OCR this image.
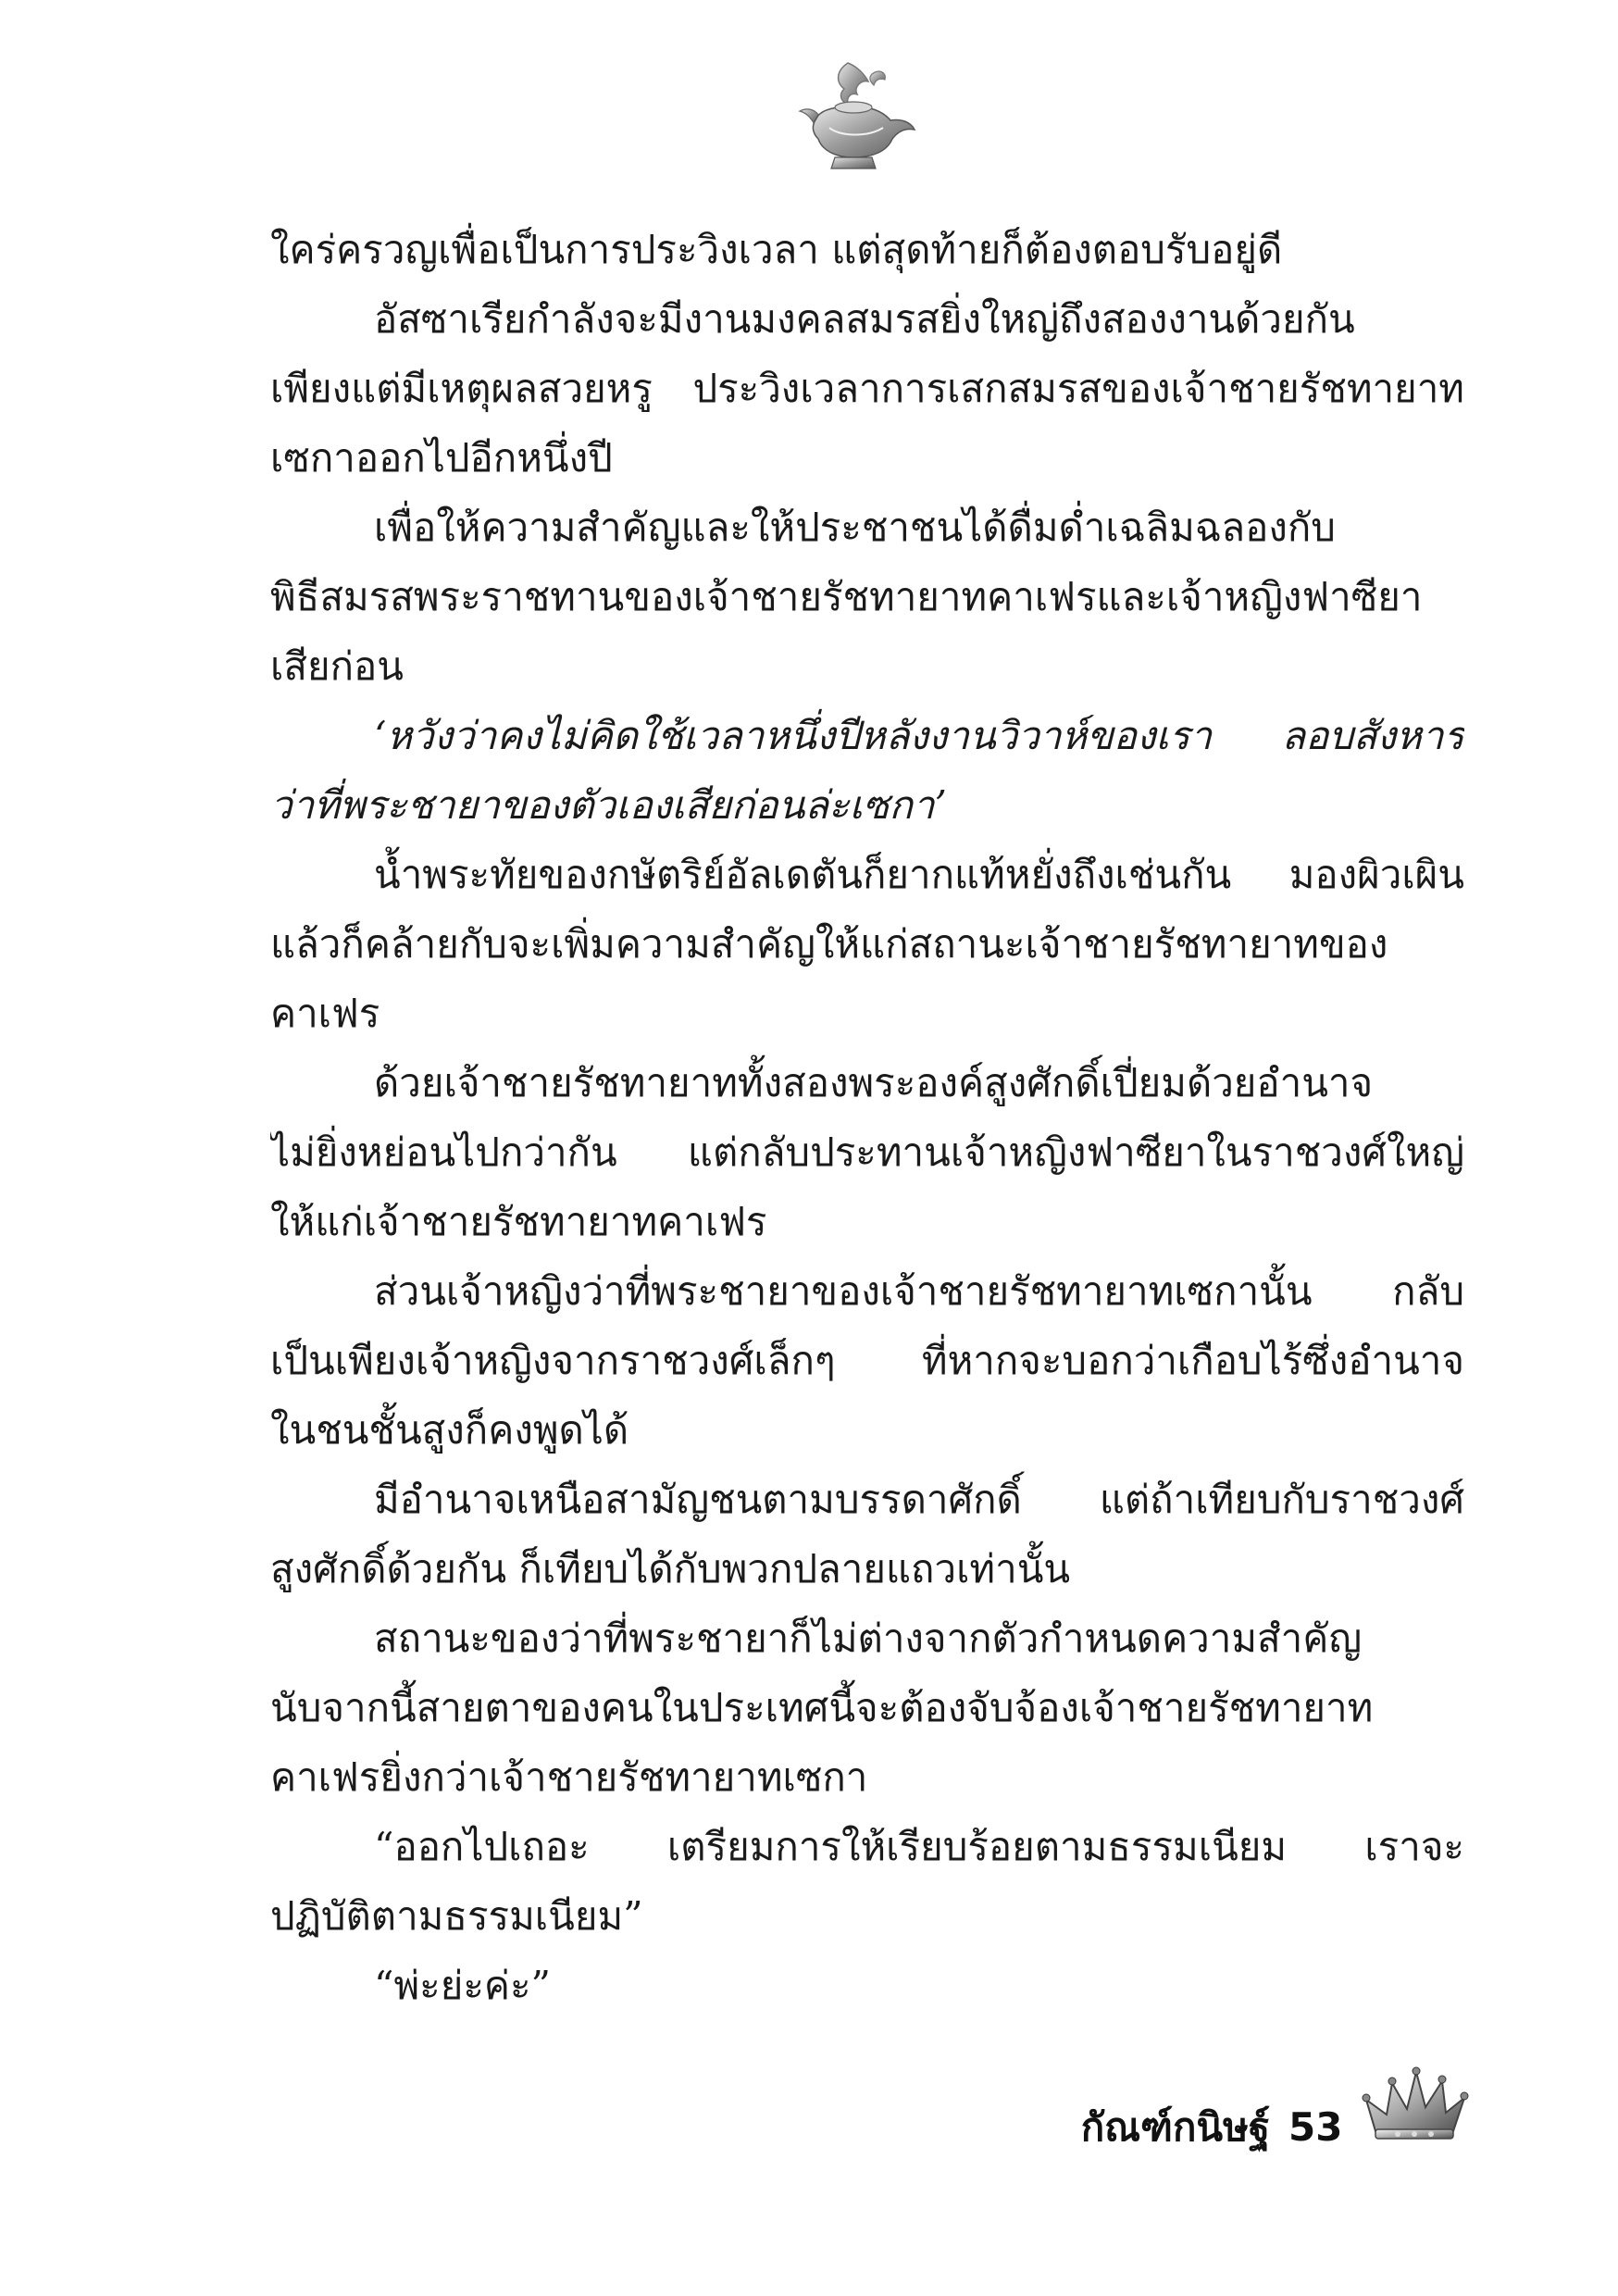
ใคร่ครวญเพื่อเป็นการประวิงเวลา แต่สุดท้ายก็ต้องตอบรับอยู่ดี
อัสซาเรียกำลังจะมีงานมงคลสมรสยิ่งใหญ่ถึงสองงานด้วยกัน
เพียงแต่มีเหตุผลสวยหรู ประวิงเวลาการเสกสมรสของเจ้าชายรัชทายาท
เซกาออกไปอีกหนึ่งปี
เพื่อให้ความสำคัญและให้ประชาชนได้ดื่มด่ำเฉลิมฉลองกับ
พิธีสมรสพระราชทานของเจ้าชายรัชทายาทคาเฟรและเจ้าหญิงฟาซียา
เสียก่อน
‘หวังว่าคงไม่คิดใช้เวลาหนึ่งปีหลังงานวิวาห์ของเรา ลอบสังหาร
ว่าที่พระชายาของตัวเองเสียก่อนล่ะเซกา’
น้ำพระทัยของกษัตริย์อัลเดตันก็ยากแท้หยั่งถึงเช่นกัน มองผิวเผิน
แล้วก็คล้ายกับจะเพิ่มความสำคัญให้แก่สถานะเจ้าชายรัชทายาทของ
คาเฟร
ด้วยเจ้าชายรัชทายาททั้งสองพระองค์สูงศักดิ์เปี่ยมด้วยอำนาจ
ไม่ยิ่งหย่อนไปกว่ากัน แต่กลับประทานเจ้าหญิงฟาซียาในราชวงศ์ใหญ่
ให้แก่เจ้าชายรัชทายาทคาเฟร
ส่วนเจ้าหญิงว่าที่พระชายาของเจ้าชายรัชทายาทเซกานั้น กลับ
เป็นเพียงเจ้าหญิงจากราชวงศ์เล็กๆ ที่หากจะบอกว่าเกือบไร้ซึ่งอำนาจ
ในชนชั้นสูงก็คงพูดได้
มีอำนาจเหนือสามัญชนตามบรรดาศักดิ์ แต่ถ้าเทียบกับราชวงศ์
สูงศักดิ์ด้วยกัน ก็เทียบได้กับพวกปลายแถวเท่านั้น
สถานะของว่าที่พระชายาก็ไม่ต่างจากตัวกำหนดความสำคัญ
นับจากนี้สายตาของคนในประเทศนี้จะต้องจับจ้องเจ้าชายรัชทายาท
คาเฟรยิ่งกว่าเจ้าชายรัชทายาทเซกา
“ออกไปเถอะ เตรียมการให้เรียบร้อยตามธรรมเนียม เราจะ
ปฏิบัติตามธรรมเนียม”
“พ่ะย่ะค่ะ”
กัณฑ์กนิษฐ์ 53
